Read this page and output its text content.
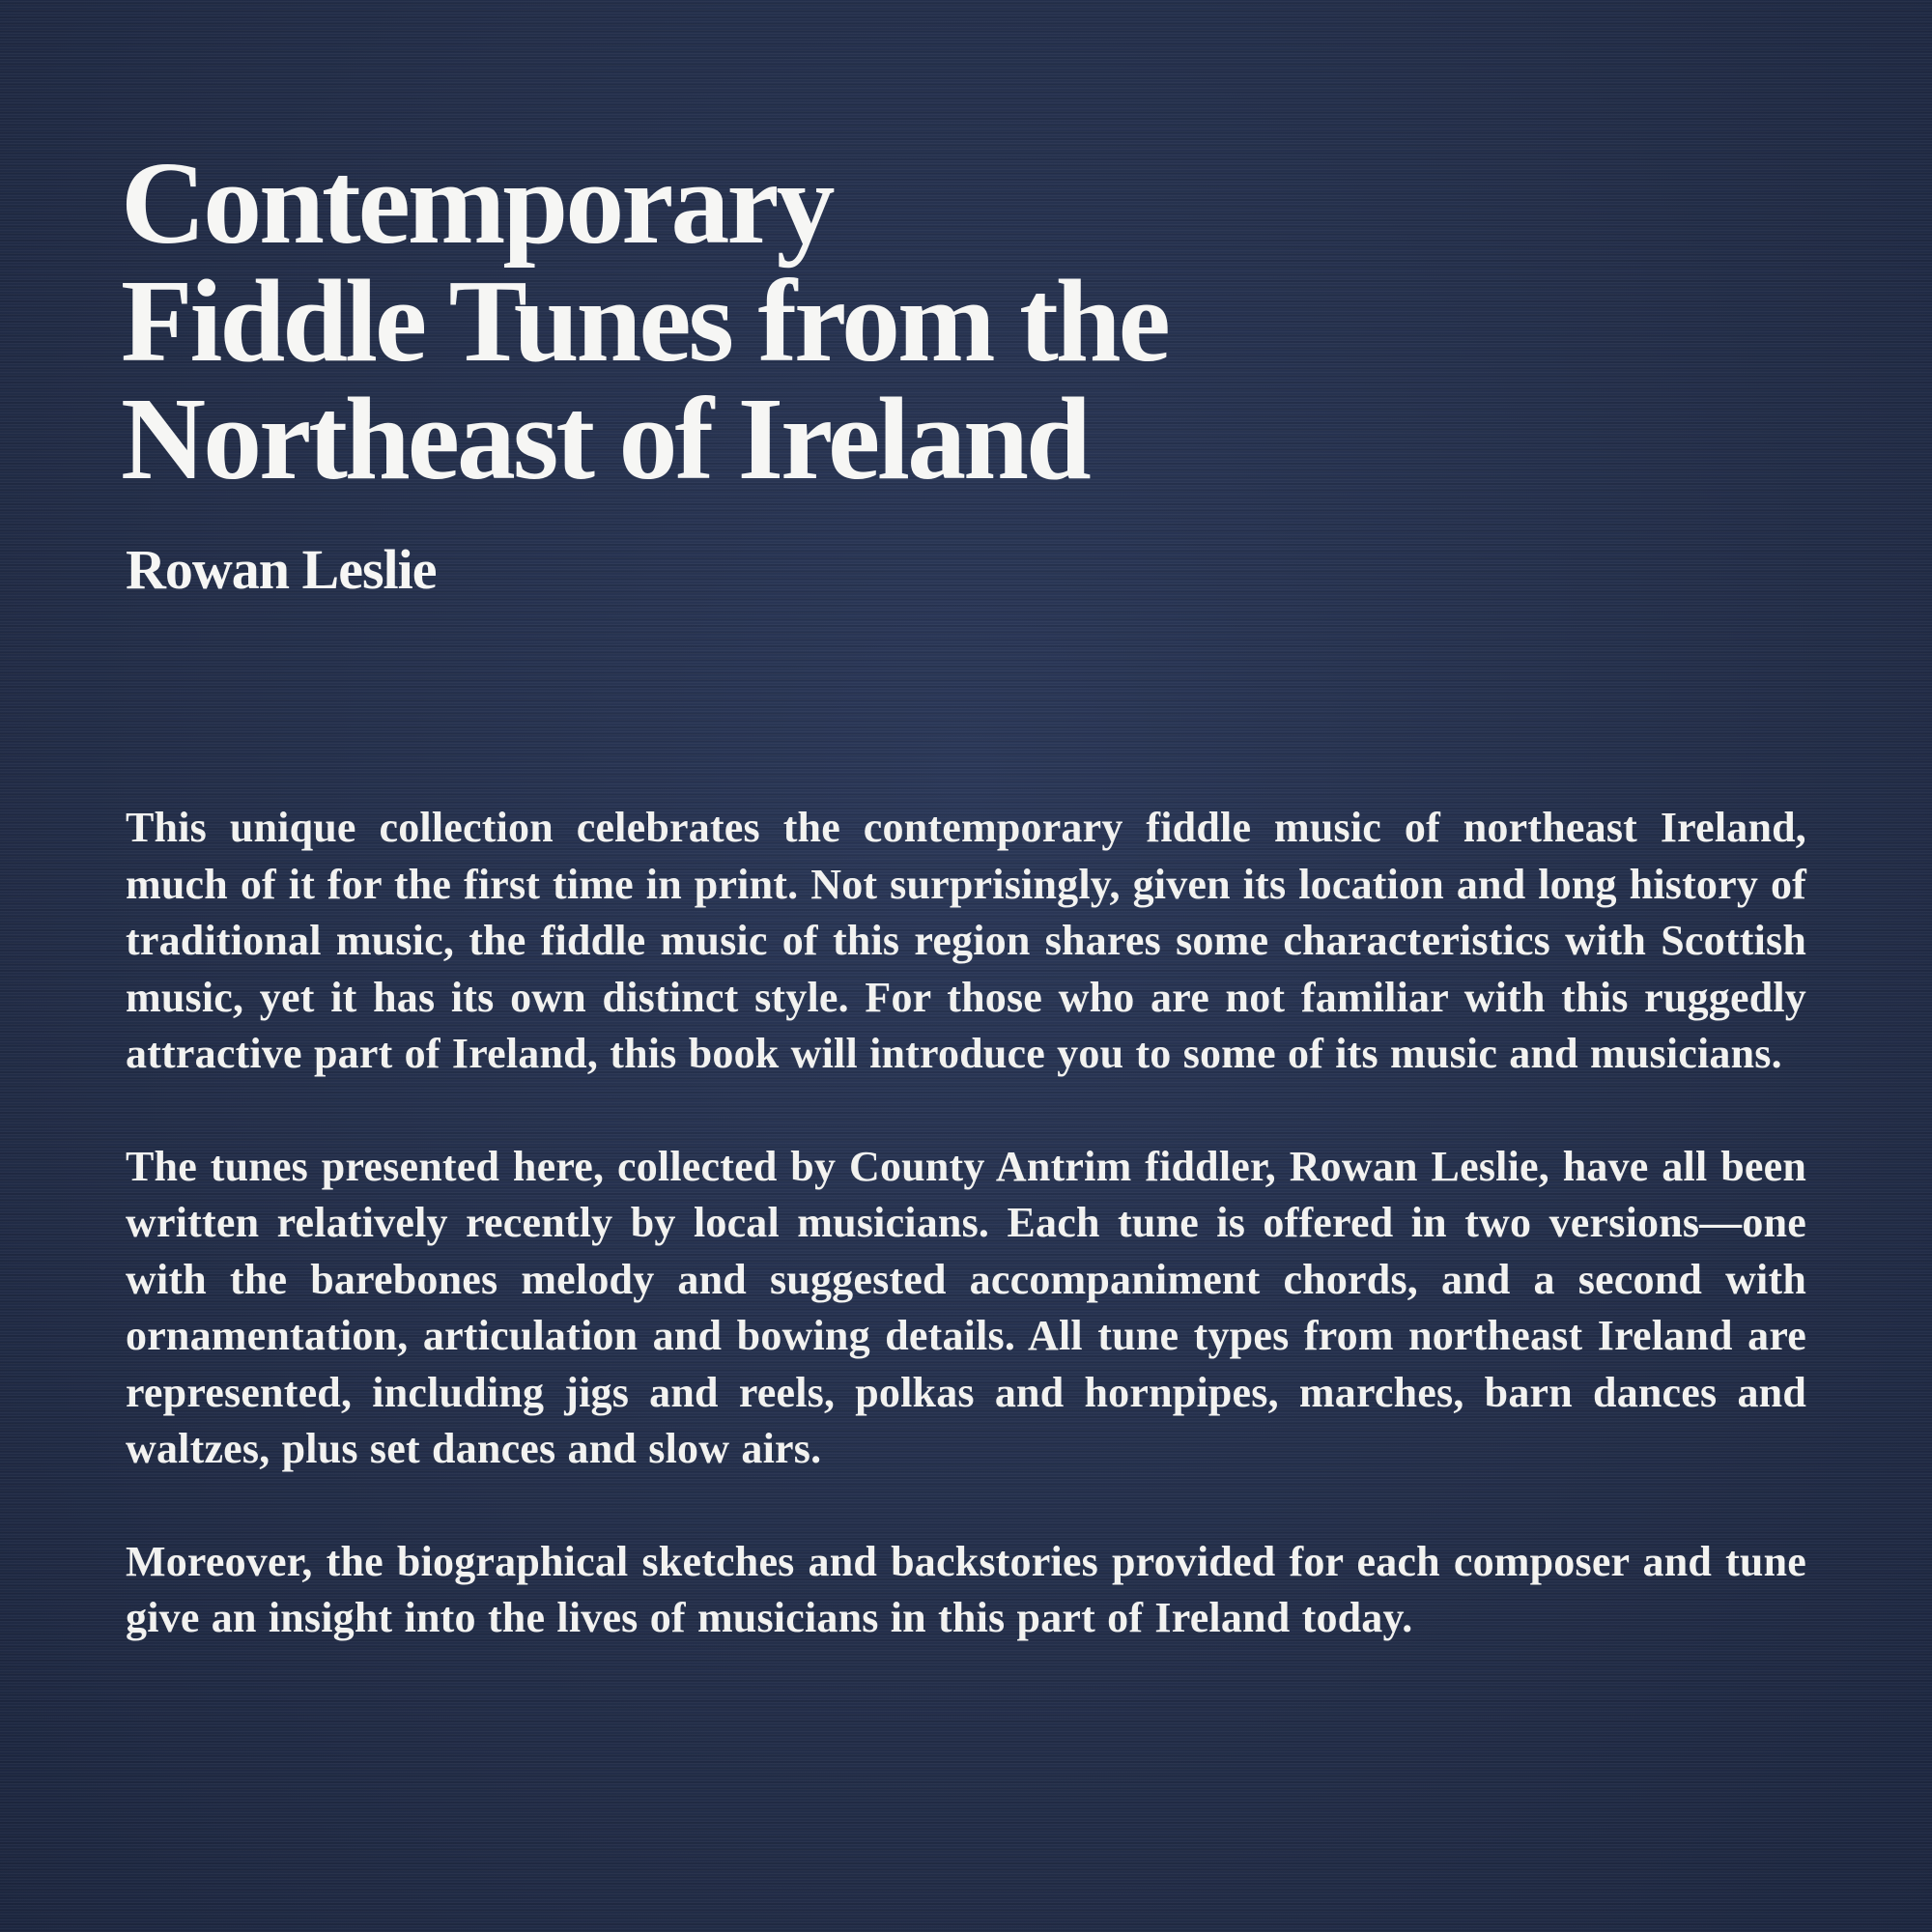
Contemporary
Fiddle Tunes from the
Northeast of Ireland
Rowan Leslie

This unique collection celebrates the contemporary fiddle music of northeast Ireland, much of it for the first time in print. Not surprisingly, given its location and long history of traditional music, the fiddle music of this region shares some characteristics with Scottish music, yet it has its own distinct style. For those who are not familiar with this ruggedly attractive part of Ireland, this book will introduce you to some of its music and musicians.

The tunes presented here, collected by County Antrim fiddler, Rowan Leslie, have all been written relatively recently by local musicians. Each tune is offered in two versions—one with the barebones melody and suggested accompaniment chords, and a second with ornamentation, articulation and bowing details. All tune types from northeast Ireland are represented, including jigs and reels, polkas and hornpipes, marches, barn dances and waltzes, plus set dances and slow airs.

Moreover, the biographical sketches and backstories provided for each composer and tune give an insight into the lives of musicians in this part of Ireland today.
